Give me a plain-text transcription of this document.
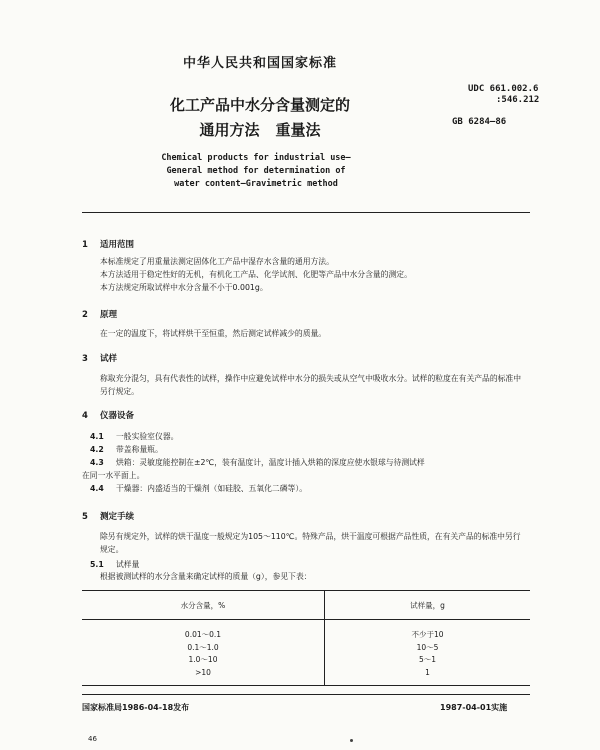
中华人民共和国国家标准
UDC 661.002.6
:546.212
GB 6284—86
化工产品中水分含量测定的
通用方法 重量法
Chemical products for industrial use—
General method for determination of
water content—Gravimetric method
1 适用范围
本标准规定了用重量法测定固体化工产品中湿存水含量的通用方法。
本方法适用于稳定性好的无机，有机化工产品、化学试剂、化肥等产品中水分含量的测定。
本方法规定所取试样中水分含量不小于0.001g。
2 原理
在一定的温度下，将试样烘干至恒重，然后测定试样减少的质量。
3 试样
称取充分混匀，具有代表性的试样，操作中应避免试样中水分的损失或从空气中吸收水分。试样的粒度在有关产品的标准中另行规定。
4 仪器设备
4.1 一般实验室仪器。
4.2 带盖称量瓶。
4.3 烘箱：灵敏度能控制在±2℃，装有温度计，温度计插入烘箱的深度应使水银球与待测试样
在同一水平面上。
4.4 干燥器：内盛适当的干燥剂（如硅胶、五氧化二磷等）。
5 测定手续
除另有规定外，试样的烘干温度一般规定为105～110℃。特殊产品，烘干温度可根据产品性质，在有关产品的标准中另行规定。
5.1 试样量
根据被测试样的水分含量来确定试样的质量（g），参见下表：
水分含量，%	试样量，g
0.01～0.1	不少于10
0.1～1.0	10～5
1.0～10	5～1
>10	1
国家标准局1986-04-18发布	1987-04-01实施
46
